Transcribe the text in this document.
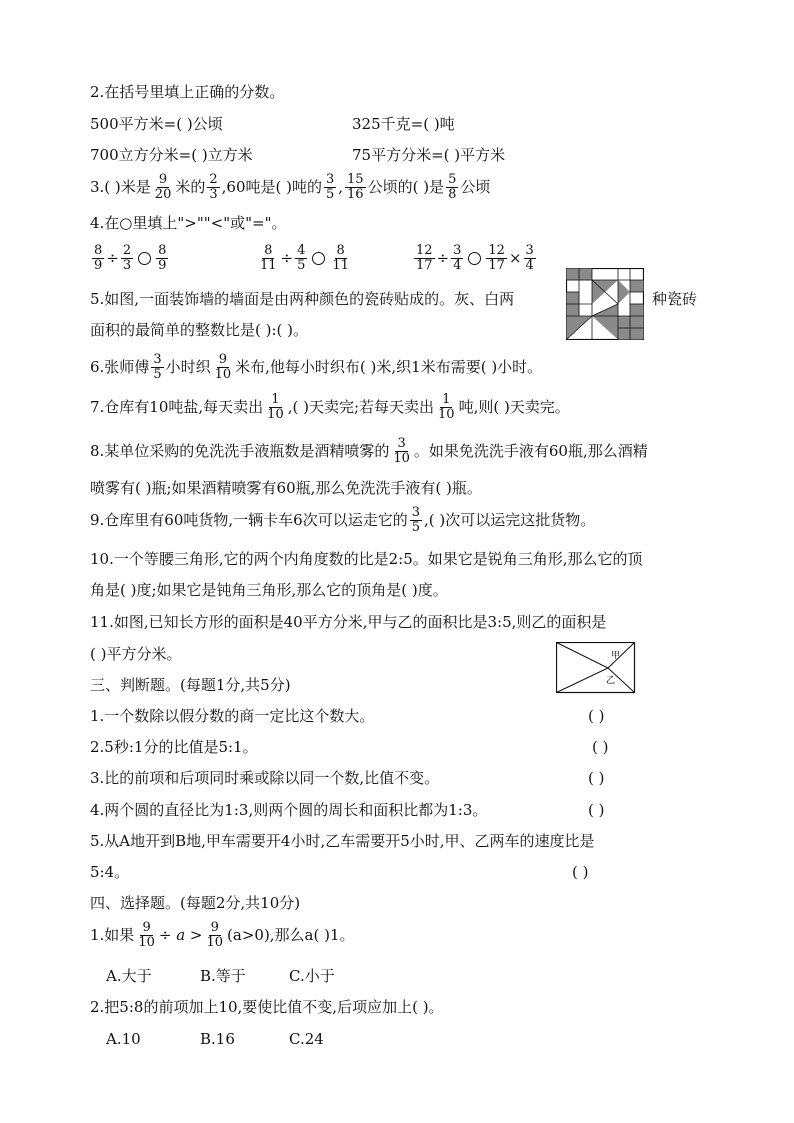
2.在括号里填上正确的分数。
500平方米=( )公顷	325千克=( )吨
700立方分米=( )立方米	75平方分米=( )平方米
3.( )米是 $\frac{9}{20}$ 米的 $\frac{2}{3} ,60$吨是( )吨的 $\frac{3}{5}$ , $\frac{15}{16}$ 公顷的( )是 $\frac{5}{8}$ 公顷
4.在○里填上">""<"或"="。
$\frac{8}{9} \div \frac{2}{3} \frac{8}{9}$	$\frac{8}{11} \div \frac{4}{5} \frac{8}{11}$	$\frac{12}{17} \div \frac{3}{4} \frac{12}{17} \times \frac{3}{4}$
5.如图,一面装饰墙的墙面是由两种颜色的瓷砖贴成的。灰、白两	种瓷砖
面积的最简单的整数比是( ):( )。
6.张师傅 $\frac{3}{5}$ 小时织 $\frac{9}{10}$ 米布,他每小时织布( )米,织1米布需要( )小时。
7.仓库有10吨盐,每天卖出 $\frac{1}{10}$ ,( )天卖完;若每天卖出 $\frac{1}{10}$ 吨,则( )天卖完。
8.某单位采购的免洗洗手液瓶数是酒精喷雾的 $\frac{3}{10}$ 。如果免洗洗手液有60瓶,那么酒精
喷雾有( )瓶;如果酒精喷雾有60瓶,那么免洗洗手液有( )瓶。
9.仓库里有60吨货物,一辆卡车6次可以运走它的 $\frac{3}{5}$ ,( )次可以运完这批货物。
10.一个等腰三角形,它的两个内角度数的比是2:5。如果它是锐角三角形,那么它的顶
角是( )度;如果它是钝角三角形,那么它的顶角是( )度。
11.如图,已知长方形的面积是40平方分米,甲与乙的面积比是3:5,则乙的面积是
( )平方分米。	甲
乙
三、判断题。(每题1分,共5分)
1.一个数除以假分数的商一定比这个数大。	( )
2.5秒:1分的比值是5:1。	( )
3.比的前项和后项同时乘或除以同一个数,比值不变。	( )
4.两个圆的直径比为1:3,则两个圆的周长和面积比都为1:3。	( )
5.从A地开到B地,甲车需要开4小时,乙车需要开5小时,甲、乙两车的速度比是
5:4。	( )
四、选择题。(每题2分,共10分)
1.如果 $\frac{9}{10} \div a > \frac{9}{10} (a>0)$,那么a( )1。
A.大于	B.等于	C.小于
2.把5:8的前项加上10,要使比值不变,后项应加上( )。
A.10	B.16	C.24
